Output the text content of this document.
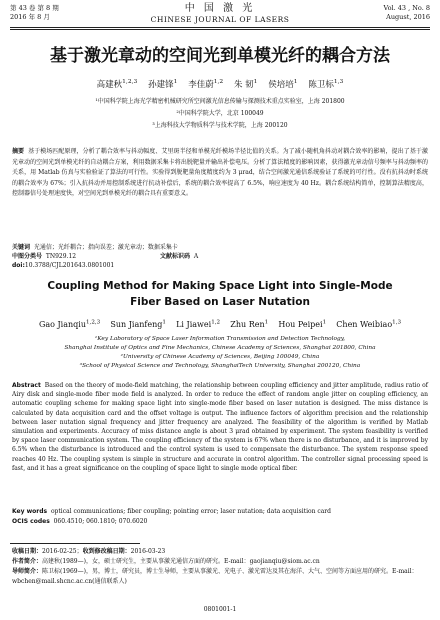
第 43 卷 第 8 期
2016 年 8 月
中 国 激 光
CHINESE JOURNAL OF LASERS
Vol. 43 , No. 8
August, 2016
基于激光章动的空间光到单模光纤的耦合方法
高建秋$^{1,2,3}$ 孙建锋$^1$ 李佳蔚$^{1,2}$ 朱 韧$^1$ 侯培培$^1$ 陈卫标$^{1,3}$
¹中国科学院上海光学精密机械研究所空间激光信息传输与探测技术重点实验室，上海 201800
²中国科学院大学，北京 100049
³上海科技大学物质科学与技术学院，上海 200120
摘要 基于模场匹配原理，分析了耦合效率与抖动幅度、艾里斑半径和单模光纤模场半径比值的关系。为了减小随机角抖动对耦合效率的影响，提出了基于激光章动的空间光到单模光纤的自动耦合方案，利用数据采集卡将出脱靶量并输出补偿电压。分析了算法精度的影响因素，获得激光章动信号频率与抖动频率的关系，用 Matlab 仿真与实验验证了算法的可行性。实验得到脱靶量角度精度约为 3 μrad，结合空间激光通信系统验证了系统的可行性。没有抗抖动时系统的耦合效率为 67%；引入抗抖动并用控制系统进行抗动补偿后，系统的耦合效率提高了 6.5%，响应速度为 40 Hz。耦合系统结构简单，控制算法精度高，控制器信号处理速度快，对空间光到单模光纤的耦合具有重要意义。
关键词 光通信；光纤耦合；指向误差；激光章动；数据采集卡
中图分类号 TN929.12	文献标识码 A
doi:10.3788/CJL201643.0801001
Coupling Method for Making Space Light into Single-Mode
Fiber Based on Laser Nutation
Gao Jianqiu$^{1,2,3}$ Sun Jianfeng$^1$ Li Jiawei$^{1,2}$ Zhu Ren$^1$ Hou Peipei$^1$ Chen Weibiao$^{1,3}$
¹Key Laboratory of Space Laser Information Transmission and Detection Technology,
Shanghai Institute of Optics and Fine Mechanics, Chinese Academy of Sciences, Shanghai 201800, China
²University of Chinese Academy of Sciences, Beijing 100049, China
³School of Physical Science and Technology, ShanghaiTech University, Shanghai 200120, China
Abstract Based on the theory of mode-field matching, the relationship between coupling efficiency and jitter amplitude, radius ratio of Airy disk and single-mode fiber mode field is analyzed. In order to reduce the effect of random angle jitter on coupling efficiency, an automatic coupling scheme for making space light into single-mode fiber based on laser nutation is designed. The miss distance is calculated by data acquisition card and the offset voltage is output. The influence factors of algorithm precision and the relationship between laser nutation signal frequency and jitter frequency are analyzed. The feasibility of the algorithm is verified by Matlab simulation and experiments. Accuracy of miss distance angle is about 3 μrad obtained by experiment. The system feasibility is verified by space laser communication system. The coupling efficiency of the system is 67% when there is no disturbance, and it is improved by 6.5% when the disturbance is introduced and the control system is used to compensate the disturbance. The system response speed reaches 40 Hz. The coupling system is simple in structure and accurate in control algorithm. The controller signal processing speed is fast, and it has a great significance on the coupling of space light to single mode optical fiber.
Key words optical communications; fiber coupling; pointing error; laser nutation; data acquisition card
OCIS codes 060.4510; 060.1810; 070.6020
收稿日期：2016-02-25；收到修改稿日期：2016-03-23
作者简介：高建秋(1989—)，女，硕士研究生，主要从事激光通信方面的研究。E-mail：gaojianqiu@siom.ac.cn
导师简介：陈卫标(1969—)，男，博士，研究员，博士生导师，主要从事激光、光电子、激光雷达及其在海洋、大气、空间等方面应用的研究。E-mail：wbchen@mail.shcnc.ac.cn(通信联系人)
0801001-1
